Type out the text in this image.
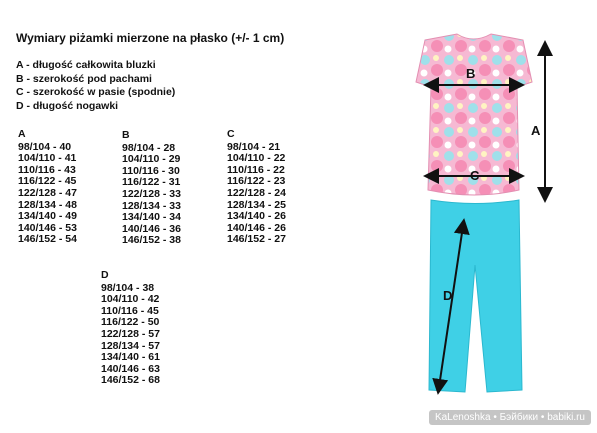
Wymiary piżamki mierzone na płasko (+/- 1 cm)
A - długość całkowita bluzki
B - szerokość pod pachami
C - szerokość w pasie (spodnie)
D - długość nogawki
A
98/104 - 40
104/110 - 41
110/116 - 43
116/122 - 45
122/128 - 47
128/134 - 48
134/140 - 49
140/146 - 53
146/152 - 54
B
98/104 - 28
104/110 - 29
110/116 - 30
116/122 - 31
122/128 - 33
128/134 - 33
134/140 - 34
140/146 - 36
146/152 - 38
C
98/104 - 21
104/110 - 22
110/116 - 22
116/122 - 23
122/128 - 24
128/134 - 25
134/140 - 26
140/146 - 26
146/152 - 27
D
98/104 - 38
104/110 - 42
110/116 - 45
116/122 - 50
122/128 - 57
128/134 - 57
134/140 - 61
140/146 - 63
146/152 - 68
A
B
C
D
KaLenoshka • Бэйбики • babiki.ru
